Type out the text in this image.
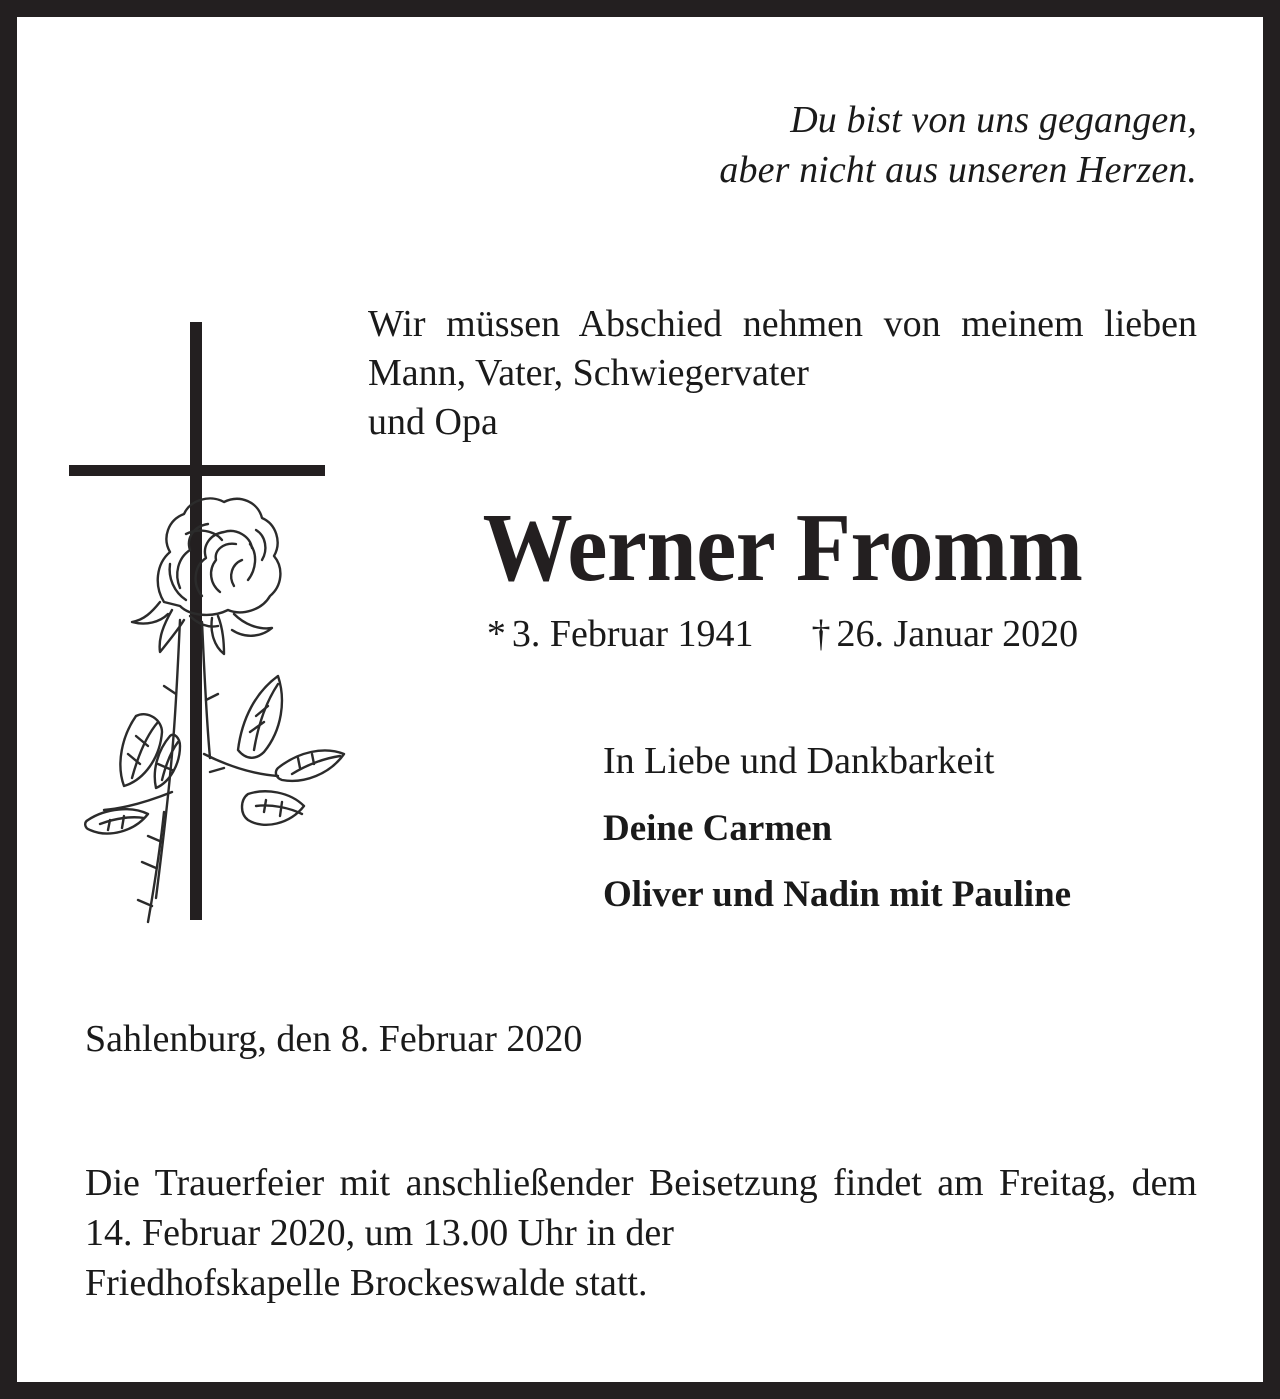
Du bist von uns gegangen,
aber nicht aus unseren Herzen.
Wir müssen Abschied nehmen von meinem lieben Mann, Vater, Schwiegervater
und Opa
Werner Fromm
* 3. Februar 1941 † 26. Januar 2020
In Liebe und Dankbarkeit
Deine Carmen
Oliver und Nadin mit Pauline
Sahlenburg, den 8. Februar 2020
Die Trauerfeier mit anschließender Beisetzung findet am Freitag, dem 14. Februar 2020, um 13.00 Uhr in der
Friedhofskapelle Brockeswalde statt.
